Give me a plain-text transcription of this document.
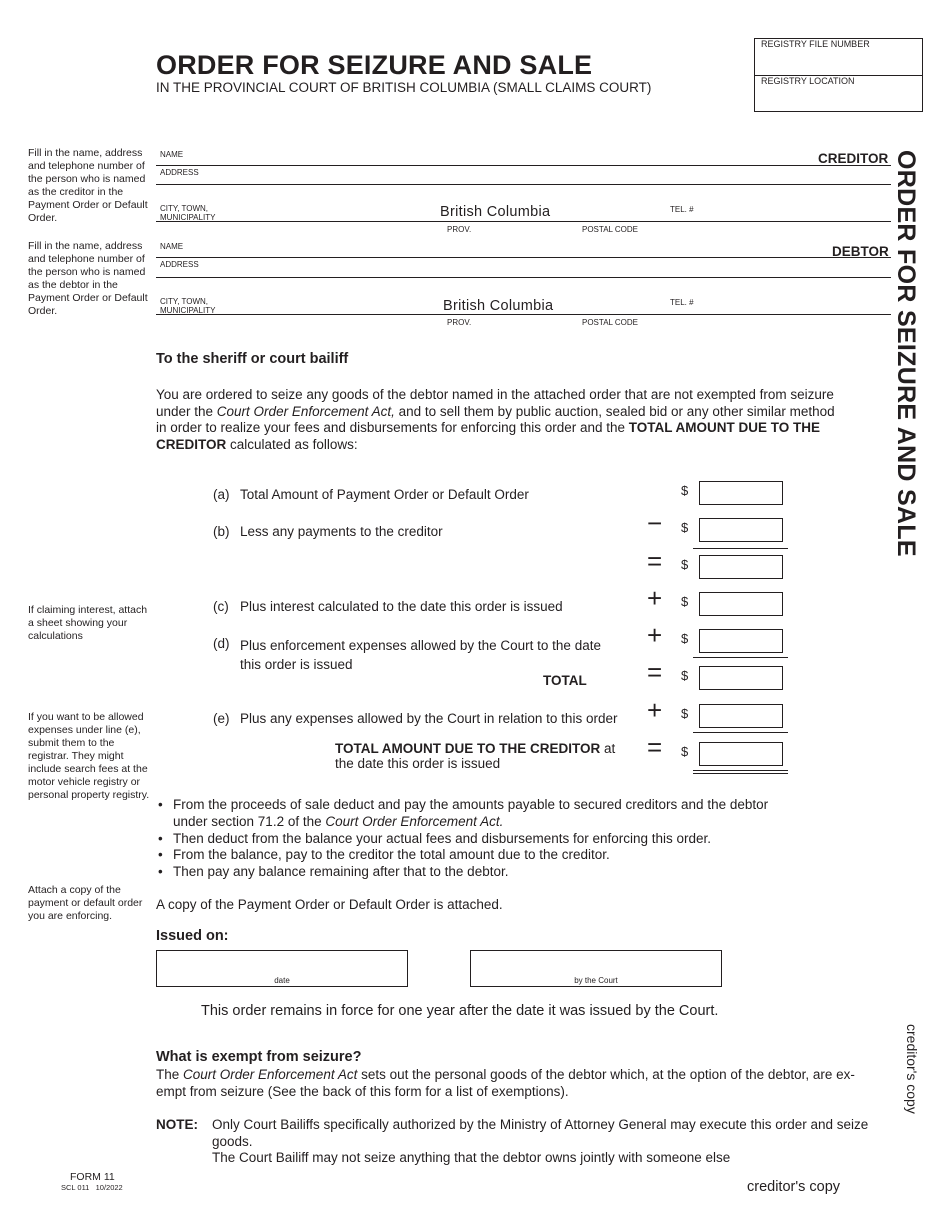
ORDER FOR SEIZURE AND SALE
IN THE PROVINCIAL COURT OF BRITISH COLUMBIA (SMALL CLAIMS COURT)
REGISTRY FILE NUMBER
REGISTRY LOCATION
ORDER FOR SEIZURE AND SALE
creditor's copy
Fill in the name, address and telephone number of the person who is named as the creditor in the Payment Order or Default Order.
Fill in the name, address and telephone number of the person who is named as the debtor in the Payment Order or Default Order.
If claiming interest, attach a sheet showing your calculations
If you want to be allowed expenses under line (e), submit them to the registrar. They might include search fees at the motor vehicle registry or personal property registry.
Attach a copy of the payment or default order you are enforcing.
NAME	CREDITOR
ADDRESS
CITY, TOWN,
MUNICIPALITY	British Columbia	TEL. #
PROV.	POSTAL CODE
NAME	DEBTOR
ADDRESS
CITY, TOWN,
MUNICIPALITY	British Columbia	TEL. #
PROV.	POSTAL CODE
To the sheriff or court bailiff
You are ordered to seize any goods of the debtor named in the attached order that are not exempted from seizure
under the Court Order Enforcement Act, and to sell them by public auction, sealed bid or any other similar method
in order to realize your fees and disbursements for enforcing this order and the TOTAL AMOUNT DUE TO THE
CREDITOR calculated as follows:
(a) Total Amount of Payment Order or Default Order	$
(b) Less any payments to the creditor	− $
= $
(c) Plus interest calculated to the date this order is issued	+ $
(d) Plus enforcement expenses allowed by the Court to the date
this order is issued
+ $
TOTAL = $
(e) Plus any expenses allowed by the Court in relation to this order + $
TOTAL AMOUNT DUE TO THE CREDITOR at
the date this order is issued
= $
• From the proceeds of sale deduct and pay the amounts payable to secured creditors and the debtor
under section 71.2 of the Court Order Enforcement Act.
• Then deduct from the balance your actual fees and disbursements for enforcing this order.
• From the balance, pay to the creditor the total amount due to the creditor.
• Then pay any balance remaining after that to the debtor.
A copy of the Payment Order or Default Order is attached.
Issued on:
date	by the Court
This order remains in force for one year after the date it was issued by the Court.
What is exempt from seizure?
The Court Order Enforcement Act sets out the personal goods of the debtor which, at the option of the debtor, are ex-
empt from seizure (See the back of this form for a list of exemptions).
NOTE: Only Court Bailiffs specifically authorized by the Ministry of Attorney General may execute this order and seize goods.
The Court Bailiff may not seize anything that the debtor owns jointly with someone else
FORM 11
SCL 011   10/2022	creditor's copy
